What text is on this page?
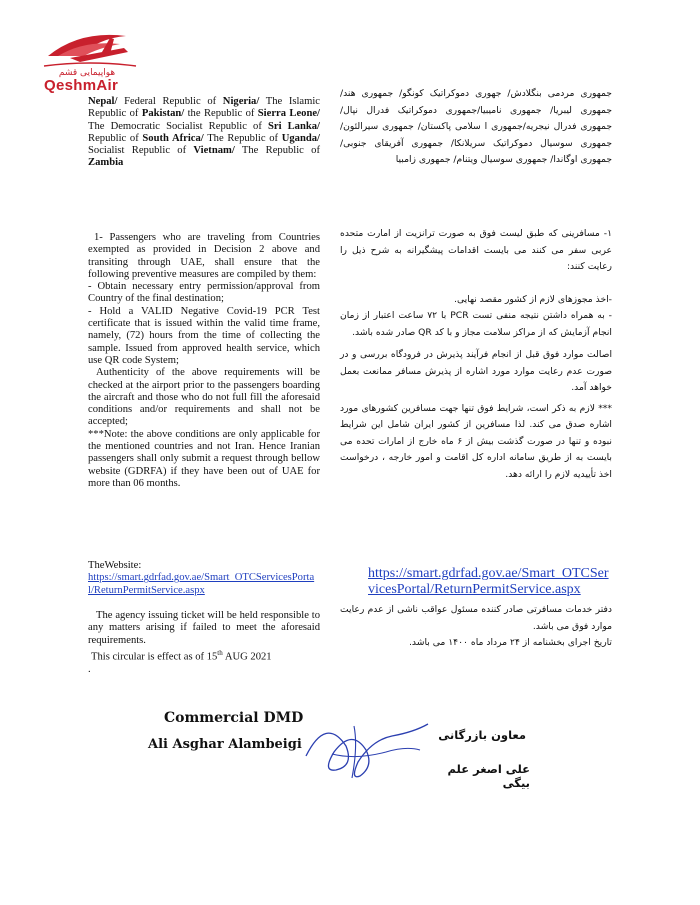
هواپیمایی قشم
QeshmAir

Nepal/ Federal Republic of Nigeria/ The Islamic Republic of Pakistan/ the Republic of Sierra Leone/ The Democratic Socialist Republic of Sri Lanka/ Republic of South Africa/ The Republic of Uganda/ Socialist Republic of Vietnam/ The Republic of Zambia

1- Passengers who are traveling from Countries exempted as provided in Decision 2 above and transiting through UAE, shall ensure that the following preventive measures are compiled by them:

- Obtain necessary entry permission/approval from Country of the final destination;

- Hold a VALID Negative Covid-19 PCR Test certificate that is issued within the valid time frame, namely, (72) hours from the time of collecting the sample. Issued from approved health service, which use QR code System;

Authenticity of the above requirements will be checked at the airport prior to the passengers boarding the aircraft and those who do not full fill the aforesaid conditions and/or requirements and shall not be accepted;

***Note: the above conditions are only applicable for the mentioned countries and not Iran. Hence Iranian passengers shall only submit a request through bellow website (GDRFA) if they have been out of UAE for more than 06 months.

TheWebsite:

https://smart.gdrfad.gov.ae/Smart_OTCServicesPortal/ReturnPermitService.aspx

The agency issuing ticket will be held responsible to any matters arising if failed to meet the aforesaid requirements.

This circular is effect as of 15th AUG 2021

.

جمهوری مردمی بنگلادش/ جهوری دموکراتیک کونگو/ جمهوری هند/ جمهوری لیبریا/ جمهوری نامیبیا/جمهوری دموکراتیک فدرال نپال/ جمهوری فدرال نیجریه/جمهوری ا سلامی پاکستان/ جمهوری سیرالئون/ جمهوری سوسیال دموکراتیک سریلانکا/ جمهوری آفریقای جنوبی/ جمهوری اوگاندا/ جمهوری سوسیال ویتنام/ جمهوری زامبیا

۱- مسافرینی که طبق لیست فوق به صورت ترانزیت از امارت متحده عربی سفر می کنند می بایست اقدامات پیشگیرانه به شرح ذیل را رعایت کنند:

-اخذ مجوزهای لازم از کشور مقصد نهایی.

- به همراه داشتن نتیجه منفی تست PCR با ۷۲ ساعت اعتبار از زمان انجام آزمایش که از مراکز سلامت مجاز و با کد QR صادر شده باشد.

اصالت موارد فوق قبل از انجام فرآیند پذیرش در فرودگاه بررسی و در صورت عدم رعایت موارد مورد اشاره از پذیرش مسافر ممانعت بعمل خواهد آمد.

*** لازم به ذکر است، شرایط فوق تنها جهت مسافرین کشورهای مورد اشاره صدق می کند. لذا مسافرین از کشور ایران شامل این شرایط نبوده و تنها در صورت گذشت بیش از ۶ ماه خارج از امارات تحده می بایست به از طریق سامانه اداره کل اقامت و امور خارجه ، درخواست اخذ تأییدیه لازم را ارائه دهد.

https://smart.gdrfad.gov.ae/Smart_OTCServicesPortal/ReturnPermitService.aspx

دفتر خدمات مسافرتی صادر کننده مسئول عواقب ناشی از عدم رعایت موارد فوق می باشد.

تاریخ اجرای بخشنامه از ۲۴ مرداد ماه ۱۴۰۰ می باشد.

Commercial DMD
Ali Asghar Alambeigi
معاون بازرگانی
علی اصغر علم بیگی
